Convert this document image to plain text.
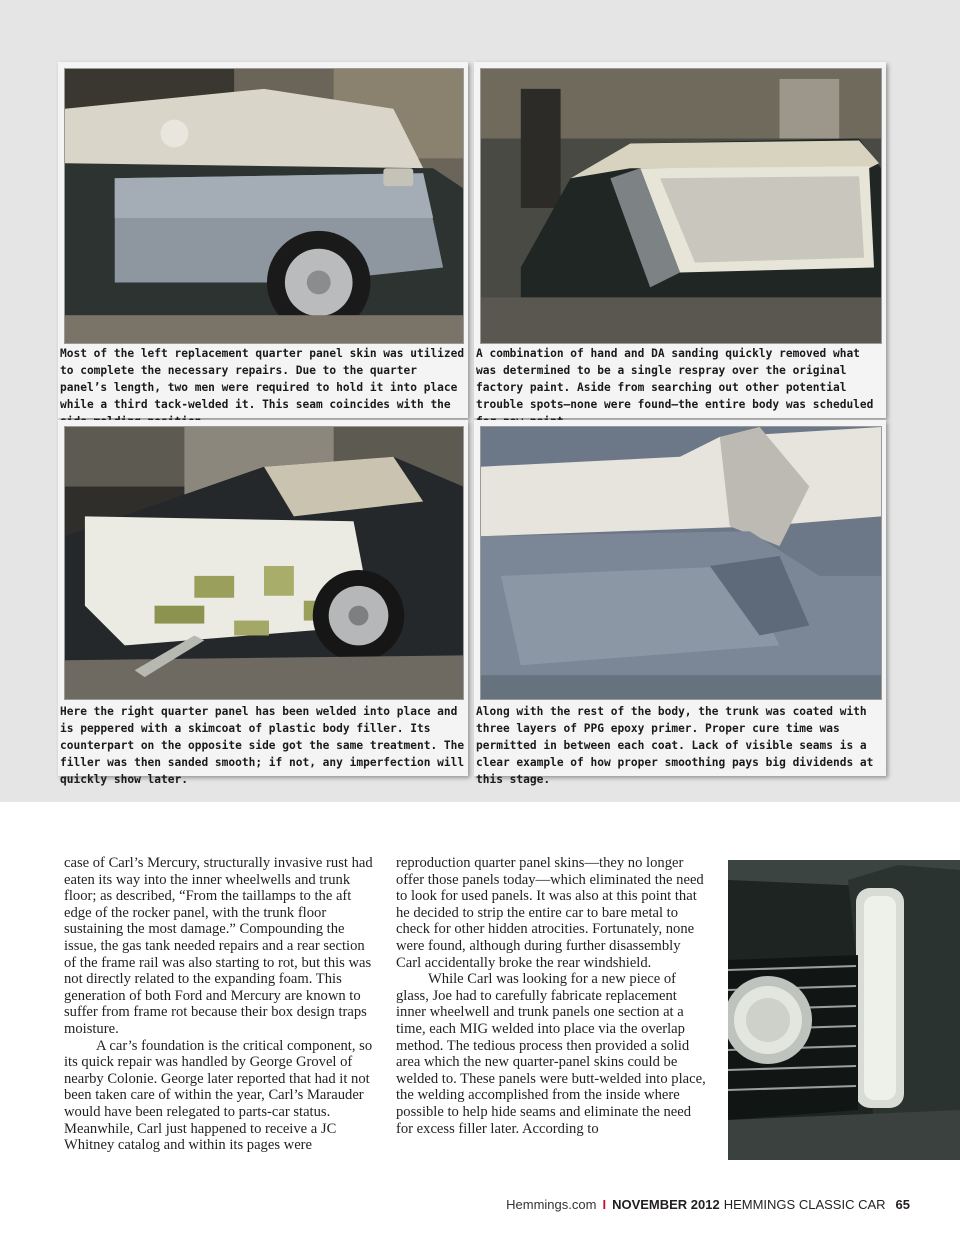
Most of the left replacement quarter panel skin was utilized to complete the necessary repairs. Due to the quarter panel’s length, two men were required to hold it into place while a third tack-welded it. This seam coincides with the
A combination of hand and DA sanding quickly removed what was determined to be a single respray over the original factory paint. Aside from searching out other potential trouble spots—none were found—the entire body was scheduled
Here the right quarter panel has been welded into place and is peppered with a skimcoat of plastic body filler. Its counterpart on the opposite side got the same treatment. The filler was then sanded smooth; if not, any imperfection will quickly show later.
Along with the rest of the body, the trunk was coated with three layers of PPG epoxy primer. Proper cure time was permitted in between each coat. Lack of visible seams is a clear example of how proper smoothing pays big dividends at this stage.

case of Carl’s Mercury, structurally invasive rust had eaten its way into the inner wheelwells and trunk floor; as described, “From the taillamps to the aft edge of the rocker panel, with the trunk floor sustaining the most damage.” Compounding the issue, the gas tank needed repairs and a rear section of the frame rail was also starting to rot, but this was not directly related to the expanding foam. This generation of both Ford and Mercury are known to suffer from frame rot because their box design traps moisture.

A car’s foundation is the critical component, so its quick repair was handled by George Grovel of nearby Colonie. George later reported that had it not been taken care of within the year, Carl’s Marauder would have been relegated to parts-car status. Meanwhile, Carl just happened to receive a JC Whitney catalog and within its pages were

reproduction quarter panel skins—they no longer offer those panels today—which eliminated the need to look for used panels. It was also at this point that he decided to strip the entire car to bare metal to check for other hidden atrocities. Fortunately, none were found, although during further disassembly Carl accidentally broke the rear windshield.

While Carl was looking for a new piece of glass, Joe had to carefully fabricate replacement inner wheelwell and trunk panels one section at a time, each MIG welded into place via the overlap method. The tedious process then provided a solid area which the new quarter-panel skins could be welded to. These panels were butt-welded into place, the welding accomplished from the inside where possible to help hide seams and eliminate the need for excess filler later. According to

Hemmings.com I NOVEMBER 2012 HEMMINGS CLASSIC CAR 65
